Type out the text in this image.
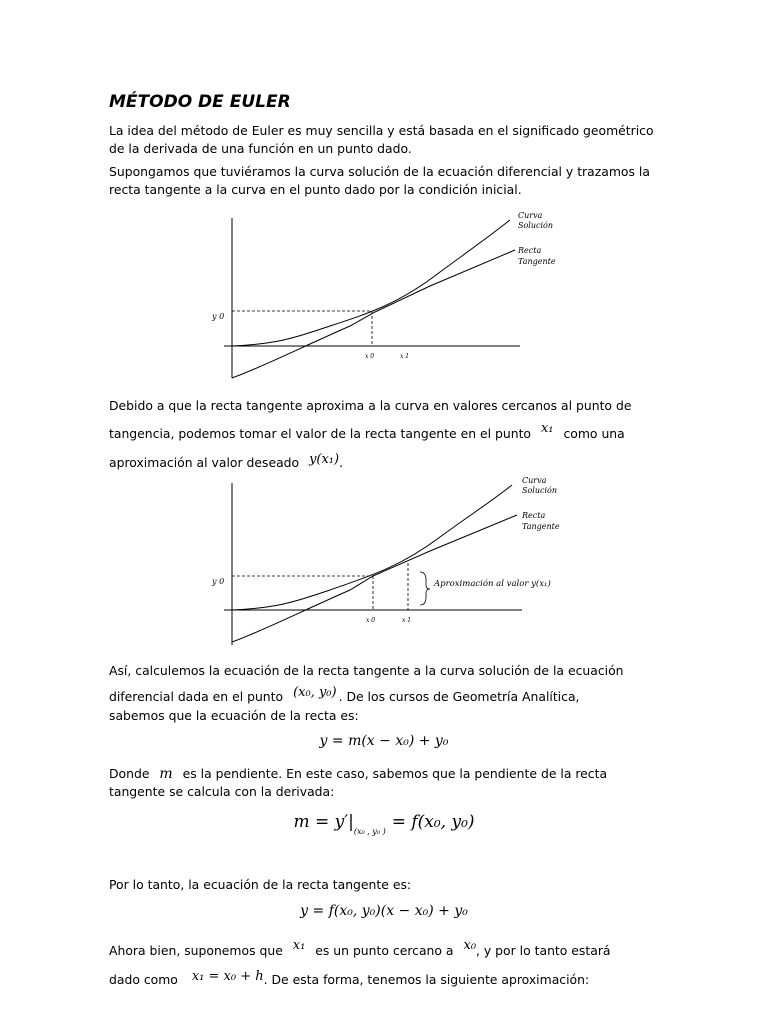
MÉTODO DE EULER

La idea del método de Euler es muy sencilla y está basada en el significado geométrico de la derivada de una función en un punto dado.

Supongamos que tuviéramos la curva solución de la ecuación diferencial y trazamos la recta tangente a la curva en el punto dado por la condición inicial.

y 0
x 0	x 1
Curva
Solución
Recta
Tangente

Debido a que la recta tangente aproxima a la curva en valores cercanos al punto de
tangencia, podemos tomar el valor de la recta tangente en el punto x₁ como una
aproximación al valor deseado y(x₁).

y 0
x 0	x 1
Aproximación al valor y(x₁)
Curva
Solución
Recta
Tangente

Así, calculemos la ecuación de la recta tangente a la curva solución de la ecuación
diferencial dada en el punto (x₀, y₀) . De los cursos de Geometría Analítica,

sabemos que la ecuación de la recta es:

y = m(x − x₀) + y₀

Donde m es la pendiente. En este caso, sabemos que la pendiente de la recta
tangente se calcula con la derivada:

$m = y'|_{(x_0 , y_0 )} = f(x_0$, y₀)

Por lo tanto, la ecuación de la recta tangente es:

y = f(x₀, y₀)(x − x₀) + y₀

Ahora bien, suponemos que x₁ es un punto cercano a x₀, y por lo tanto estará
dado como x₁ = x₀ + h. De esta forma, tenemos la siguiente aproximación:
